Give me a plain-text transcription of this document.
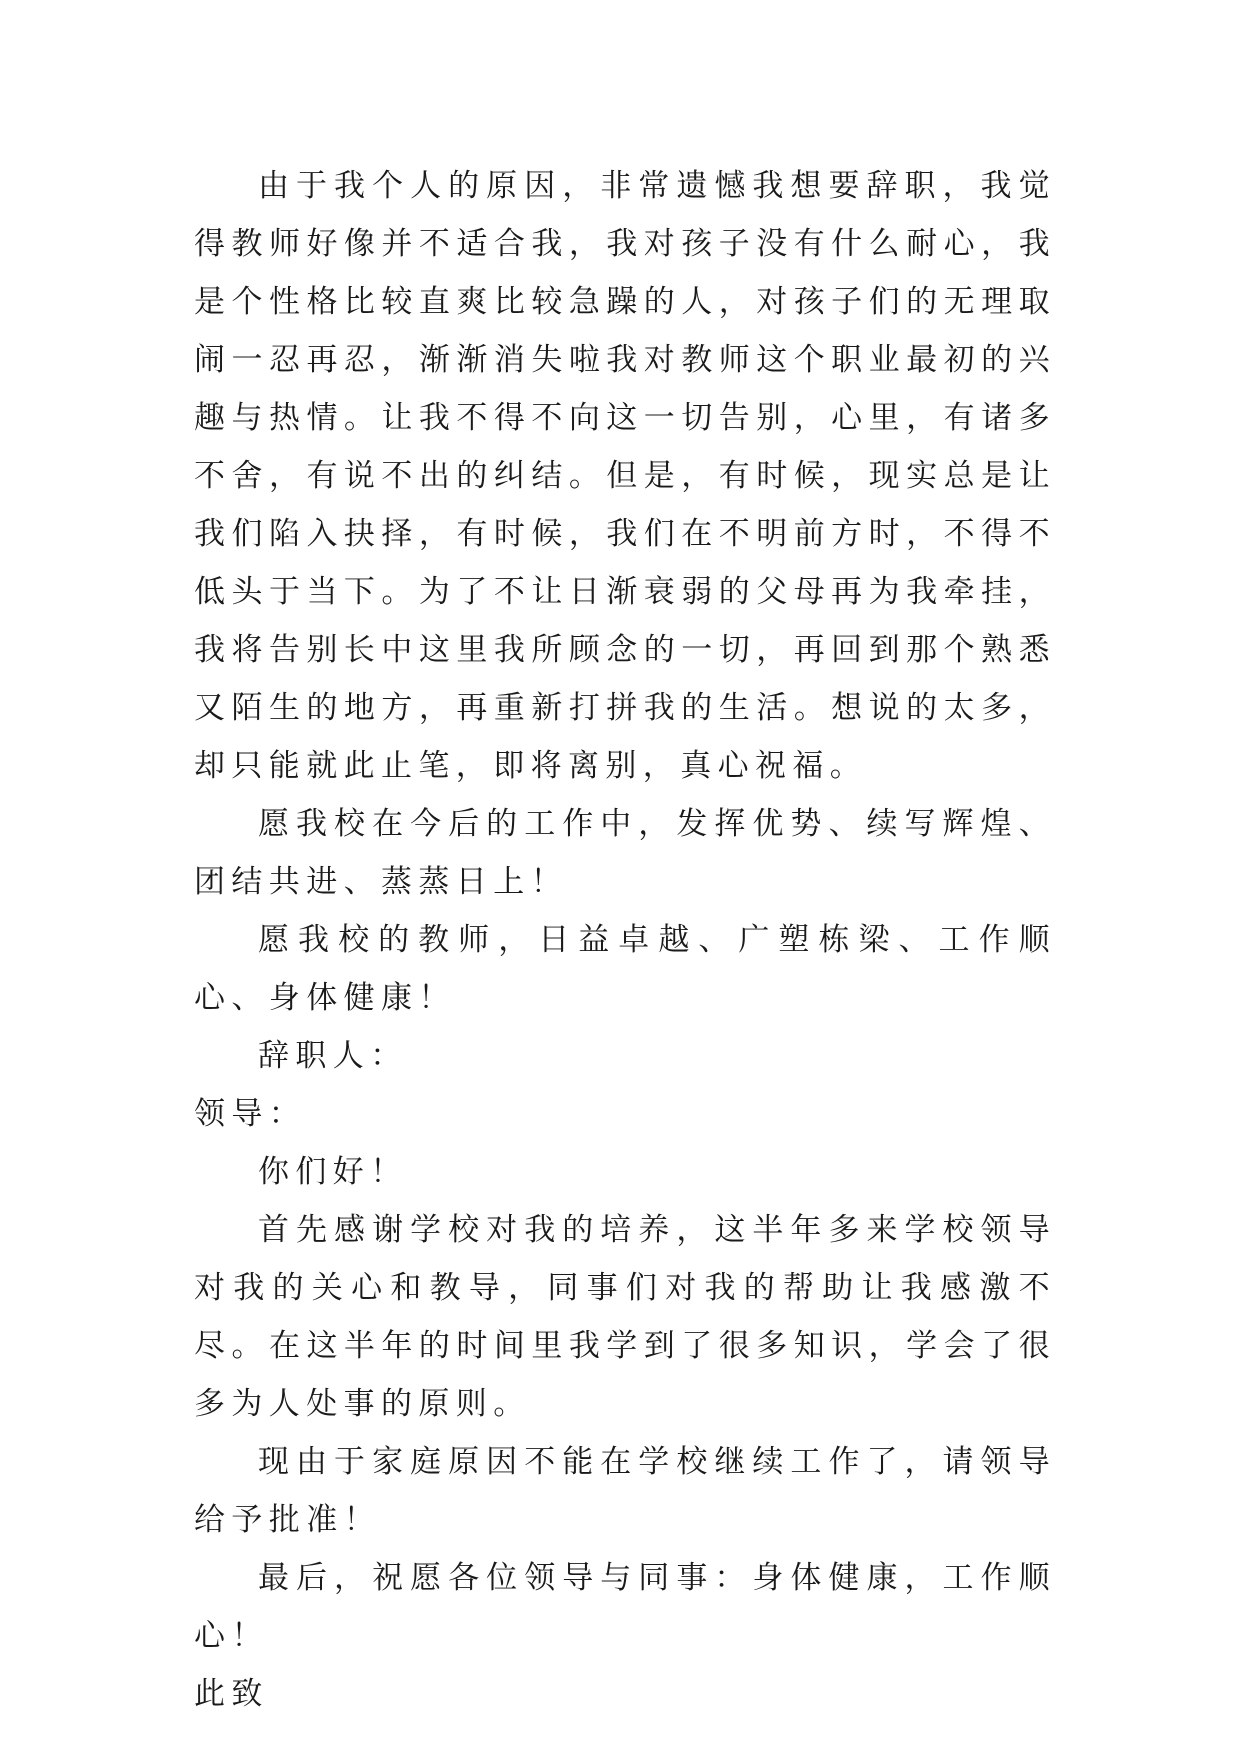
由于我个人的原因，非常遗憾我想要辞职，我觉得教师好像并不适合我，我对孩子没有什么耐心，我是个性格比较直爽比较急躁的人，对孩子们的无理取闹一忍再忍，渐渐消失啦我对教师这个职业最初的兴趣与热情。让我不得不向这一切告别，心里，有诸多不舍，有说不出的纠结。但是，有时候，现实总是让我们陷入抉择，有时候，我们在不明前方时，不得不低头于当下。为了不让日渐衰弱的父母再为我牵挂，我将告别长中这里我所顾念的一切，再回到那个熟悉又陌生的地方，再重新打拼我的生活。想说的太多，却只能就此止笔，即将离别，真心祝福。

愿我校在今后的工作中，发挥优势、续写辉煌、团结共进、蒸蒸日上！

愿我校的教师，日益卓越、广塑栋梁、工作顺心、身体健康！

辞职人：

领导：

你们好！

首先感谢学校对我的培养，这半年多来学校领导对我的关心和教导，同事们对我的帮助让我感激不尽。在这半年的时间里我学到了很多知识，学会了很多为人处事的原则。

现由于家庭原因不能在学校继续工作了，请领导给予批准！

最后，祝愿各位领导与同事：身体健康，工作顺心！

此致
